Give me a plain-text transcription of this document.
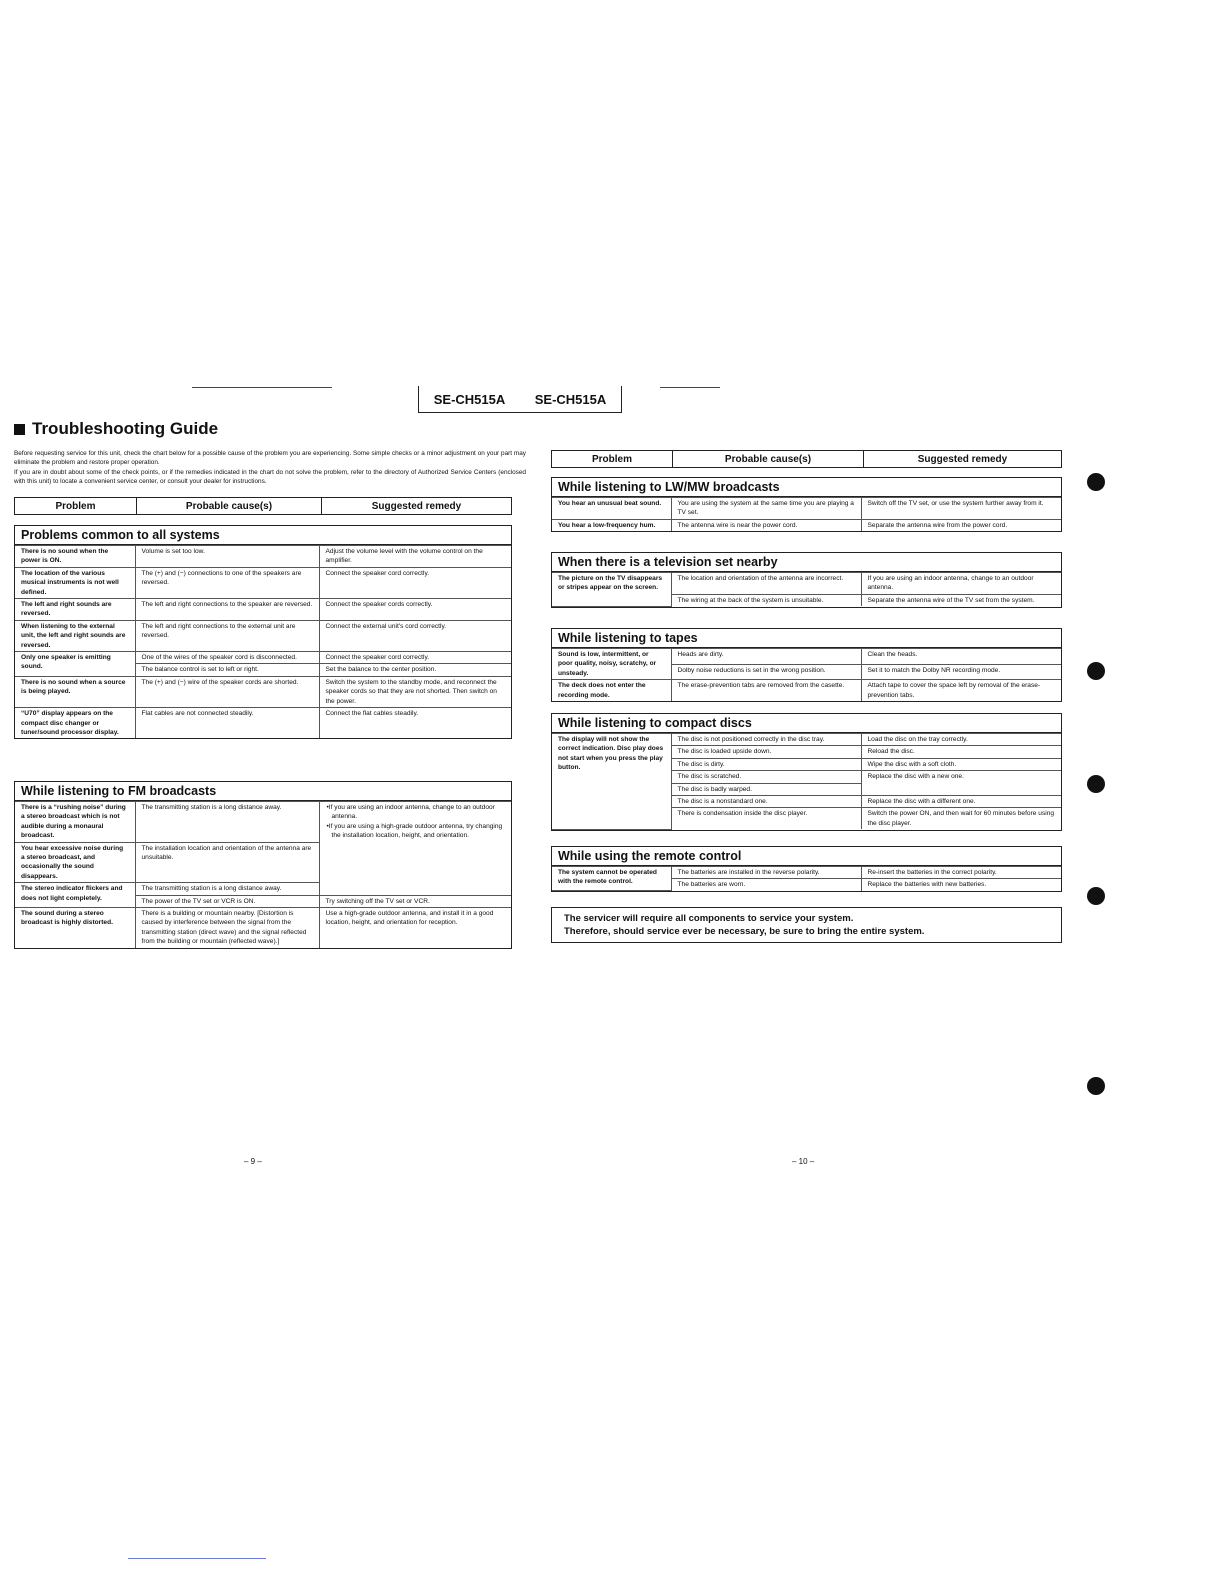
SE-CH515A SE-CH515A
Troubleshooting Guide
Before requesting service for this unit, check the chart below for a possible cause of the problem you are experiencing. Some simple checks or a minor adjustment on your part may eliminate the problem and restore proper operation.
If you are in doubt about some of the check points, or if the remedies indicated in the chart do not solve the problem, refer to the directory of Authorized Service Centers (enclosed with this unit) to locate a convenient service center, or consult your dealer for instructions.
Problem	Probable cause(s)	Suggested remedy
Problems common to all systems
There is no sound when the power is ON.	Volume is set too low.	Adjust the volume level with the volume control on the amplifier.
The location of the various musical instruments is not well defined.	The (+) and (−) connections to one of the speakers are reversed.	Connect the speaker cord correctly.
The left and right sounds are reversed.	The left and right connections to the speaker are reversed.	Connect the speaker cords correctly.
When listening to the external unit, the left and right sounds are reversed.	The left and right connections to the external unit are reversed.	Connect the external unit's cord correctly.
Only one speaker is emitting sound.	One of the wires of the speaker cord is disconnected.	Connect the speaker cord correctly.
	The balance control is set to left or right.	Set the balance to the center position.
There is no sound when a source is being played.	The (+) and (−) wire of the speaker cords are shorted.	Switch the system to the standby mode, and reconnect the speaker cords so that they are not shorted. Then switch on the power.
“U70” display appears on the compact disc changer or tuner/sound processor display.	Flat cables are not connected steadily.	Connect the flat cables steadily.
While listening to FM broadcasts
There is a “rushing noise” during a stereo broadcast which is not audible during a monaural broadcast.	The transmitting station is a long distance away.	•If you are using an indoor antenna, change to an outdoor antenna.
•If you are using a high-grade outdoor antenna, try changing the installation location, height, and orientation.

You hear excessive noise during a stereo broadcast, and occasionally the sound disappears.	The installation location and orientation of the antenna are unsuitable.	
The stereo indicator flickers and does not light completely.	The transmitting station is a long distance away.	
	The power of the TV set or VCR is ON.	Try switching off the TV set or VCR.
The sound during a stereo broadcast is highly distorted.	There is a building or mountain nearby. [Distortion is caused by interference between the signal from the transmitting station (direct wave) and the signal reflected from the building or mountain (reflected wave).]	Use a high-grade outdoor antenna, and install it in a good location, height, and orientation for reception.
Problem	Probable cause(s)	Suggested remedy
While listening to LW/MW broadcasts
You hear an unusual beat sound.	You are using the system at the same time you are playing a TV set.	Switch off the TV set, or use the system further away from it.
You hear a low-frequency hum.	The antenna wire is near the power cord.	Separate the antenna wire from the power cord.
When there is a television set nearby
The picture on the TV disappears or stripes appear on the screen.	The location and orientation of the antenna are incorrect.	If you are using an indoor antenna, change to an outdoor antenna.
	The wiring at the back of the system is unsuitable.	Separate the antenna wire of the TV set from the system.
While listening to tapes
Sound is low, intermittent, or poor quality, noisy, scratchy, or unsteady.	Heads are dirty.	Clean the heads.
	Dolby noise reductions is set in the wrong position.	Set it to match the Dolby NR recording mode.
The deck does not enter the recording mode.	The erase-prevention tabs are removed from the casette.	Attach tape to cover the space left by removal of the erase-prevention tabs.
While listening to compact discs
The display will not show the correct indication. Disc play does not start when you press the play button.	The disc is not positioned correctly in the disc tray.	Load the disc on the tray correctly.
	The disc is loaded upside down.	Reload the disc.
	The disc is dirty.	Wipe the disc with a soft cloth.
	The disc is scratched.	Replace the disc with a new one.
	The disc is badly warped.	
	The disc is a nonstandard one.	Replace the disc with a different one.
	There is condensation inside the disc player.	Switch the power ON, and then wait for 60 minutes before using the disc player.
While using the remote control
The system cannot be operated with the remote control.	The batteries are installed in the reverse polarity.	Re-insert the batteries in the correct polarity.
	The batteries are worn.	Replace the batteries with new batteries.
The servicer will require all components to service your system.
Therefore, should service ever be necessary, be sure to bring the entire system.
– 9 –	– 10 –
